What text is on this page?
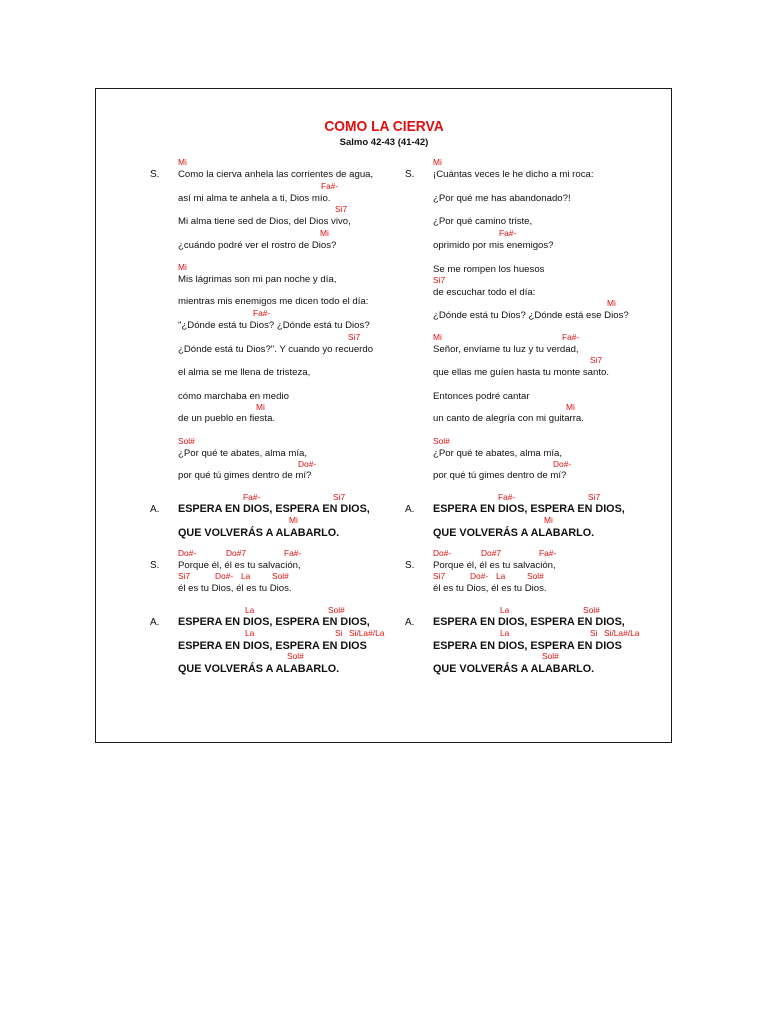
COMO LA CIERVA
Salmo 42-43 (41-42)
Mi
S. Como la cierva anhela las corrientes de agua,
Fa#-
así mi alma te anhela a ti, Dios mío.
Si7
Mi alma tiene sed de Dios, del Dios vivo,
Mi
¿cuándo podré ver el rostro de Dios?
Mi
Mis lágrimas son mi pan noche y día,
mientras mis enemigos me dicen todo el día:
Fa#-
"¿Dónde está tu Dios? ¿Dónde está tu Dios?
Si7
¿Dónde está tu Dios?". Y cuando yo recuerdo
el alma se me llena de tristeza,
cómo marchaba en medio
Mi
de un pueblo en fiesta.
Sol#
¿Por qué te abates, alma mía,
Do#-
por qué tú gimes dentro de mí?
Fa#-	Si7
A. ESPERA EN DIOS, ESPERA EN DIOS,
Mi
QUE VOLVERÁS A ALABARLO.
Do#-	Do#7	Fa#-
S. Porque él, él es tu salvación,
Si7	Do#- La	Sol#
él es tu Dios, él es tu Dios.
La	Sol#
A. ESPERA EN DIOS, ESPERA EN DIOS,
La	Si Si/La#/La
ESPERA EN DIOS, ESPERA EN DIOS
Sol#
QUE VOLVERÁS A ALABARLO.
Mi
S. ¡Cuántas veces le he dicho a mi roca:
¿Por qué me has abandonado?!
¿Por qué camino triste,
Fa#-
oprimido por mis enemigos?
Se me rompen los huesos
Si7
de escuchar todo el día:
Mi
¿Dónde está tu Dios? ¿Dónde está ese Dios?
Mi	Fa#-
Señor, envíame tu luz y tu verdad,
Si7
que ellas me guíen hasta tu monte santo.
Entonces podré cantar
Mi
un canto de alegría con mi guitarra.
Sol#
¿Por qué te abates, alma mía,
Do#-
por qué tú gimes dentro de mí?
Fa#-	Si7
A. ESPERA EN DIOS, ESPERA EN DIOS,
Mi
QUE VOLVERÁS A ALABARLO.
Do#-	Do#7	Fa#-
S. Porque él, él es tu salvación,
Si7	Do#- La	Sol#
él es tu Dios, él es tu Dios.
La	Sol#
A. ESPERA EN DIOS, ESPERA EN DIOS,
La	Si Si/La#/La
ESPERA EN DIOS, ESPERA EN DIOS
Sol#
QUE VOLVERÁS A ALABARLO.
